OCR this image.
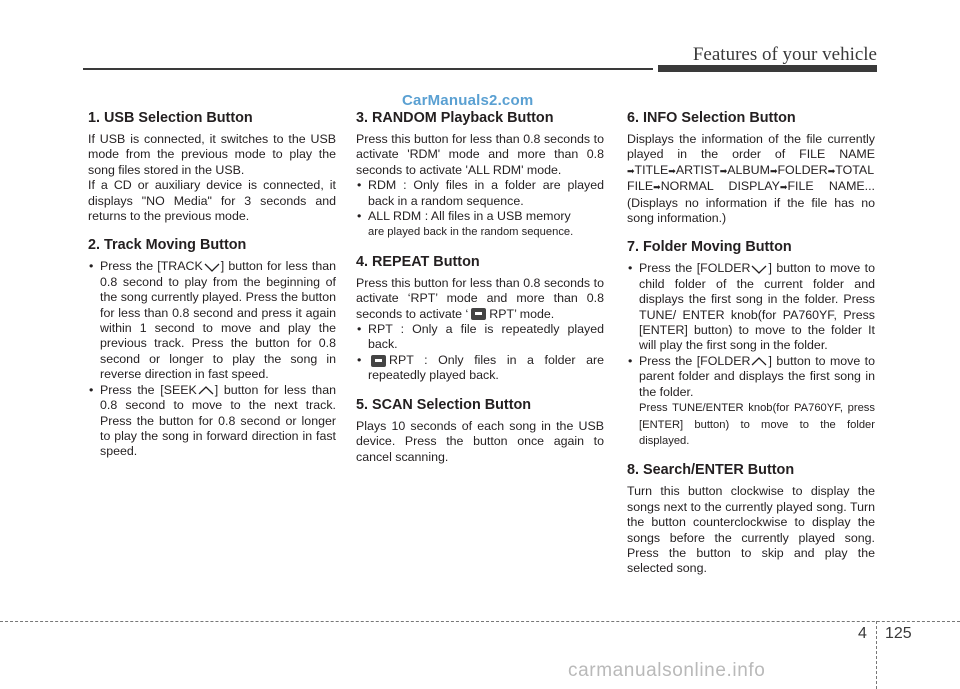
Features of your vehicle
CarManuals2.com
1. USB Selection Button

If USB is connected, it switches to the USB mode from the previous mode to play the song files stored in the USB.

If a CD or auxiliary device is connected, it displays "NO Media" for 3 seconds and returns to the previous mode.

2. Track Moving Button
• Press the [TRACK ] button for less than 0.8 second to play from the beginning of the song currently played. Press the button for less than 0.8 second and press it again within 1 second to move and play the previous track. Press the button for 0.8 second or longer to play the song in reverse direction in fast speed.
• Press the [SEEK ] button for less than 0.8 second to move to the next track. Press the button for 0.8 second or longer to play the song in forward direction in fast speed.
3. RANDOM Playback Button

Press this button for less than 0.8 seconds to activate 'RDM' mode and more than 0.8 seconds to activate 'ALL RDM' mode.

• RDM : Only files in a folder are played back in a random sequence.
• ALL RDM : All files in a USB memory
are played back in the random sequence.
4. REPEAT Button

Press this button for less than 0.8 seconds to activate ‘RPT’ mode and more than 0.8 seconds to activate ‘ RPT’ mode.

• RPT : Only a file is repeatedly played back.
• RPT : Only files in a folder are repeatedly played back.
5. SCAN Selection Button

Plays 10 seconds of each song in the USB device. Press the button once again to cancel scanning.

6. INFO Selection Button

Displays the information of the file currently played in the order of FILE NAME ➡TITLE➡ARTIST➡ALBUM➡FOLDER➡TOTAL FILE➡NORMAL DISPLAY➡FILE NAME... (Displays no information if the file has no song information.)

7. Folder Moving Button
• Press the [FOLDER ] button to move to child folder of the current folder and displays the first song in the folder. Press TUNE/ ENTER knob(for PA760YF, Press [ENTER] button) to move to the folder It will play the first song in the folder.
• Press the [FOLDER ] button to move to parent folder and displays the first song in the folder.
Press TUNE/ENTER knob(for PA760YF, press [ENTER] button) to move to the folder displayed.
8. Search/ENTER Button

Turn this button clockwise to display the songs next to the currently played song. Turn the button counterclockwise to display the songs before the currently played song. Press the button to skip and play the selected song.

4 125
carmanualsonline.info
